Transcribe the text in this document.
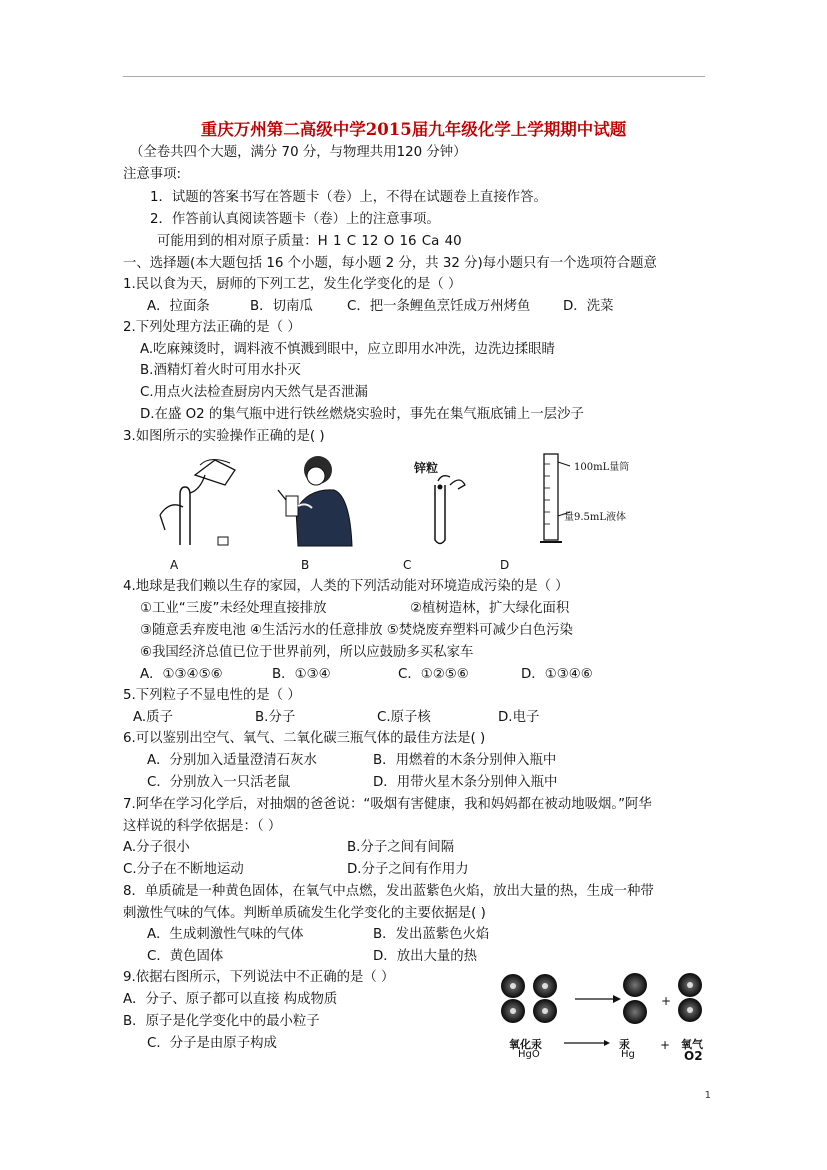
重庆万州第二高级中学2015届九年级化学上学期期中试题
（全卷共四个大题，满分 70 分，与物理共用120 分钟）
注意事项:
1．试题的答案书写在答题卡（卷）上，不得在试题卷上直接作答。
2．作答前认真阅读答题卡（卷）上的注意事项。
可能用到的相对原子质量：H 1 C 12 O 16 Ca 40
一、选择题(本大题包括 16 个小题，每小题 2 分，共 32 分)每小题只有一个选项符合题意
1.民以食为天，厨师的下列工艺，发生化学变化的是（ ）
A．拉面条	B．切南瓜	C．把一条鲤鱼烹饪成万州烤鱼 D．洗菜
2.下列处理方法正确的是（ ）
A.吃麻辣烫时，调料液不慎溅到眼中，应立即用水冲洗，边洗边揉眼睛
B.酒精灯着火时可用水扑灭
C.用点火法检查厨房内天然气是否泄漏
D.在盛 O2 的集气瓶中进行铁丝燃烧实验时，事先在集气瓶底铺上一层沙子
3.如图所示的实验操作正确的是( )
锌粒	100mL量筒
量9.5mL液体
A	B	C	D
4.地球是我们赖以生存的家园，人类的下列活动能对环境造成污染的是（ ）
①工业“三废”未经处理直接排放	②植树造林，扩大绿化面积
③随意丢弃废电池 ④生活污水的任意排放 ⑤焚烧废弃塑料可减少白色污染
⑥我国经济总值已位于世界前列，所以应鼓励多买私家车
A．①③④⑤⑥	B．①③④	C．①②⑤⑥	D．①③④⑥
5.下列粒子不显电性的是（ ）
A.质子	B.分子	C.原子核	D.电子
6.可以鉴别出空气、氧气、二氧化碳三瓶气体的最佳方法是( )
A．分别加入适量澄清石灰水	B．用燃着的木条分别伸入瓶中
C．分别放入一只活老鼠	D．用带火星木条分别伸入瓶中
7.阿华在学习化学后，对抽烟的爸爸说：“吸烟有害健康，我和妈妈都在被动地吸烟。”阿华
这样说的科学依据是：（ ）
A.分子很小	B.分子之间有间隔
C.分子在不断地运动	D.分子之间有作用力
8．单质硫是一种黄色固体，在氧气中点燃，发出蓝紫色火焰，放出大量的热，生成一种带
刺激性气味的气体。判断单质硫发生化学变化的主要依据是( )
A．生成刺激性气味的气体	B．发出蓝紫色火焰
C．黄色固体	D．放出大量的热
9.依据右图所示，下列说法中不正确的是（ ）
A．分子、原子都可以直接 构成物质
B．原子是化学变化中的最小粒子
C．分子是由原子构成
+
氧化汞
HgO
汞
Hg
+ 氧气
O2
1
